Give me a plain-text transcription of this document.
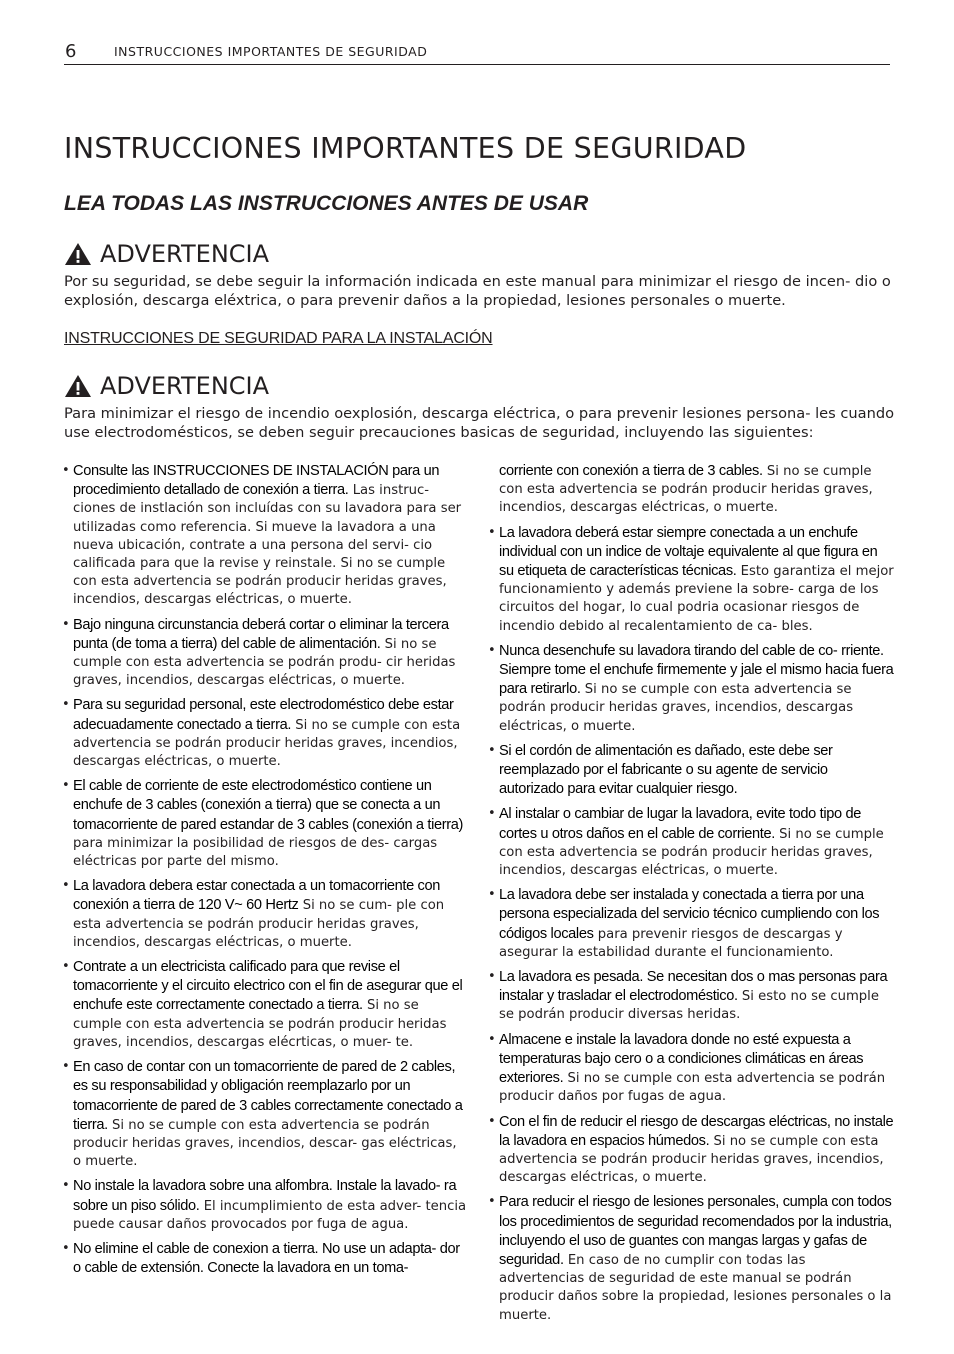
6	INSTRUCCIONES IMPORTANTES DE SEGURIDAD
INSTRUCCIONES IMPORTANTES DE SEGURIDAD
LEA TODAS LAS INSTRUCCIONES ANTES DE USAR
ADVERTENCIA

Por su seguridad, se debe seguir la información indicada en este manual para minimizar el riesgo de incen- dio o explosión, descarga eléxtrica, o para prevenir daños a la propiedad, lesiones personales o muerte.

INSTRUCCIONES DE SEGURIDAD PARA LA INSTALACIÓN

ADVERTENCIA

Para minimizar el riesgo de incendio oexplosión, descarga eléctrica, o para prevenir lesiones persona- les cuando use electrodomésticos, se deben seguir precauciones basicas de seguridad, incluyendo las siguientes:

• Consulte las INSTRUCCIONES DE INSTALACIÓN para un procedimiento detallado de conexión a tierra. Las instruc- ciones de instlación son incluídas con su lavadora para ser utilizadas como referencia. Si mueve la lavadora a una nueva ubicación, contrate a una persona del servi- cio calificada para que la revise y reinstale. Si no se cumple con esta advertencia se podrán producir heridas graves, incendios, descargas eléctricas, o muerte.
• Bajo ninguna circunstancia deberá cortar o eliminar la tercera punta (de toma a tierra) del cable de alimentación. Si no se cumple con esta advertencia se podrán produ- cir heridas graves, incendios, descargas eléctricas, o muerte.
• Para su seguridad personal, este electrodoméstico debe estar adecuadamente conectado a tierra. Si no se cumple con esta advertencia se podrán producir heridas graves, incendios, descargas eléctricas, o muerte.
• El cable de corriente de este electrodoméstico contiene un enchufe de 3 cables (conexión a tierra) que se conecta a un tomacorriente de pared estandar de 3 cables (conexión a tierra) para minimizar la posibilidad de riesgos de des- cargas eléctricas por parte del mismo.
• La lavadora debera estar conectada a un tomacorriente con conexión a tierra de 120 V~ 60 Hertz Si no se cum- ple con esta advertencia se podrán producir heridas graves, incendios, descargas eléctricas, o muerte.
• Contrate a un electricista calificado para que revise el tomacorriente y el circuito electrico con el fin de asegurar que el enchufe este correctamente conectado a tierra. Si no se cumple con esta advertencia se podrán producir heridas graves, incendios, descargas elécrticas, o muer- te.
• En caso de contar con un tomacorriente de pared de 2 cables, es su responsabilidad y obligación reemplazarlo por un tomacorriente de pared de 3 cables correctamente conectado a tierra. Si no se cumple con esta advertencia se podrán producir heridas graves, incendios, descar- gas eléctricas, o muerte.
• No instale la lavadora sobre una alfombra. Instale la lavado- ra sobre un piso sólido. El incumplimiento de esta adver- tencia puede causar daños provocados por fuga de agua.
• No elimine el cable de conexion a tierra. No use un adapta- dor o cable de extensión. Conecte la lavadora en un toma-
corriente con conexión a tierra de 3 cables. Si no se cumple con esta advertencia se podrán producir heridas graves, incendios, descargas eléctricas, o muerte.
• La lavadora deberá estar siempre conectada a un enchufe individual con un indice de voltaje equivalente al que figura en su etiqueta de características técnicas. Esto garantiza el mejor funcionamiento y además previene la sobre- carga de los circuitos del hogar, lo cual podria ocasionar riesgos de incendio debido al recalentamiento de ca- bles.
• Nunca desenchufe su lavadora tirando del cable de co- rriente. Siempre tome el enchufe firmemente y jale el mismo hacia fuera para retirarlo. Si no se cumple con esta advertencia se podrán producir heridas graves, incendios, descargas eléctricas, o muerte.
• Si el cordón de alimentación es dañado, este debe ser reemplazado por el fabricante o su agente de servicio autorizado para evitar cualquier riesgo.
• Al instalar o cambiar de lugar la lavadora, evite todo tipo de cortes u otros daños en el cable de corriente. Si no se cumple con esta advertencia se podrán producir heridas graves, incendios, descargas eléctricas, o muerte.
• La lavadora debe ser instalada y conectada a tierra por una persona especializada del servicio técnico cumpliendo con los códigos locales para prevenir riesgos de descargas y asegurar la estabilidad durante el funcionamiento.
• La lavadora es pesada. Se necesitan dos o mas personas para instalar y trasladar el electrodoméstico. Si esto no se cumple se podrán producir diversas heridas.
• Almacene e instale la lavadora donde no esté expuesta a temperaturas bajo cero o a condiciones climáticas en áreas exteriores. Si no se cumple con esta advertencia se podrán producir daños por fugas de agua.
• Con el fin de reducir el riesgo de descargas eléctricas, no instale la lavadora en espacios húmedos. Si no se cumple con esta advertencia se podrán producir heridas graves, incendios, descargas eléctricas, o muerte.
• Para reducir el riesgo de lesiones personales, cumpla con todos los procedimientos de seguridad recomendados por la industria, incluyendo el uso de guantes con mangas largas y gafas de seguridad. En caso de no cumplir con todas las advertencias de seguridad de este manual se podrán producir daños sobre la propiedad, lesiones personales o la muerte.
